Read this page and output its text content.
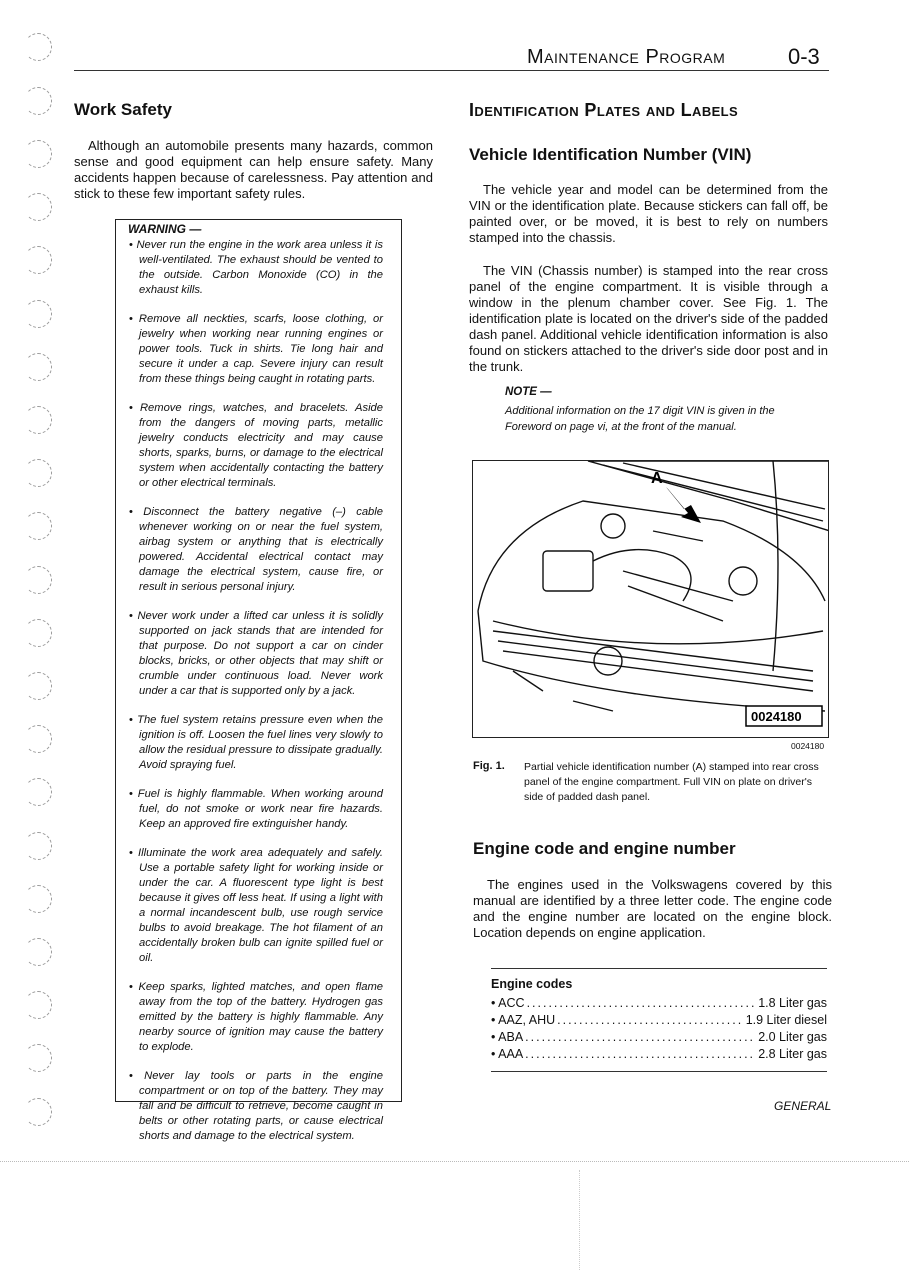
Maintenance Program	0-3
Work Safety
Although an automobile presents many hazards, common sense and good equipment can help ensure safety. Many accidents happen because of carelessness. Pay attention and stick to these few important safety rules.
WARNING —
• Never run the engine in the work area unless it is well-ventilated. The exhaust should be vented to the outside. Carbon Monoxide (CO) in the exhaust kills.
• Remove all neckties, scarfs, loose clothing, or jewelry when working near running engines or power tools. Tuck in shirts. Tie long hair and secure it under a cap. Severe injury can result from these things being caught in rotating parts.
• Remove rings, watches, and bracelets. Aside from the dangers of moving parts, metallic jewelry conducts electricity and may cause shorts, sparks, burns, or damage to the electrical system when accidentally contacting the battery or other electrical terminals.
• Disconnect the battery negative (–) cable whenever working on or near the fuel system, airbag system or anything that is electrically powered. Accidental electrical contact may damage the electrical system, cause fire, or result in serious personal injury.
• Never work under a lifted car unless it is solidly supported on jack stands that are intended for that purpose. Do not support a car on cinder blocks, bricks, or other objects that may shift or crumble under continuous load. Never work under a car that is supported only by a jack.
• The fuel system retains pressure even when the ignition is off. Loosen the fuel lines very slowly to allow the residual pressure to dissipate gradually. Avoid spraying fuel.
• Fuel is highly flammable. When working around fuel, do not smoke or work near fire hazards. Keep an approved fire extinguisher handy.
• Illuminate the work area adequately and safely. Use a portable safety light for working inside or under the car. A fluorescent type light is best because it gives off less heat. If using a light with a normal incandescent bulb, use rough service bulbs to avoid breakage. The hot filament of an accidentally broken bulb can ignite spilled fuel or oil.
• Keep sparks, lighted matches, and open flame away from the top of the battery. Hydrogen gas emitted by the battery is highly flammable. Any nearby source of ignition may cause the battery to explode.
• Never lay tools or parts in the engine compartment or on top of the battery. They may fall and be difficult to retrieve, become caught in belts or other rotating parts, or cause electrical shorts and damage to the electrical system.
Identification Plates and Labels
Vehicle Identification Number (VIN)
The vehicle year and model can be determined from the VIN or the identification plate. Because stickers can fall off, be painted over, or be moved, it is best to rely on numbers stamped into the chassis.
The VIN (Chassis number) is stamped into the rear cross panel of the engine compartment. It is visible through a window in the plenum chamber cover. See Fig. 1. The identification plate is located on the driver's side of the padded dash panel. Additional vehicle identification information is also found on stickers attached to the driver's side door post and in the trunk.
NOTE —
Additional information on the 17 digit VIN is given in the Foreword on page vi, at the front of the manual.
A
0024180
0024180
Fig. 1. Partial vehicle identification number (A) stamped into rear cross panel of the engine compartment. Full VIN on plate on driver's side of padded dash panel.
Engine code and engine number
The engines used in the Volkswagens covered by this manual are identified by a three letter code. The engine code and the engine number are located on the engine block. Location depends on engine application.
Engine codes
• ACC .....	1.8 Liter gas
• AAZ, AHU .....	1.9 Liter diesel
• ABA .....	2.0 Liter gas
• AAA .....	2.8 Liter gas
GENERAL
